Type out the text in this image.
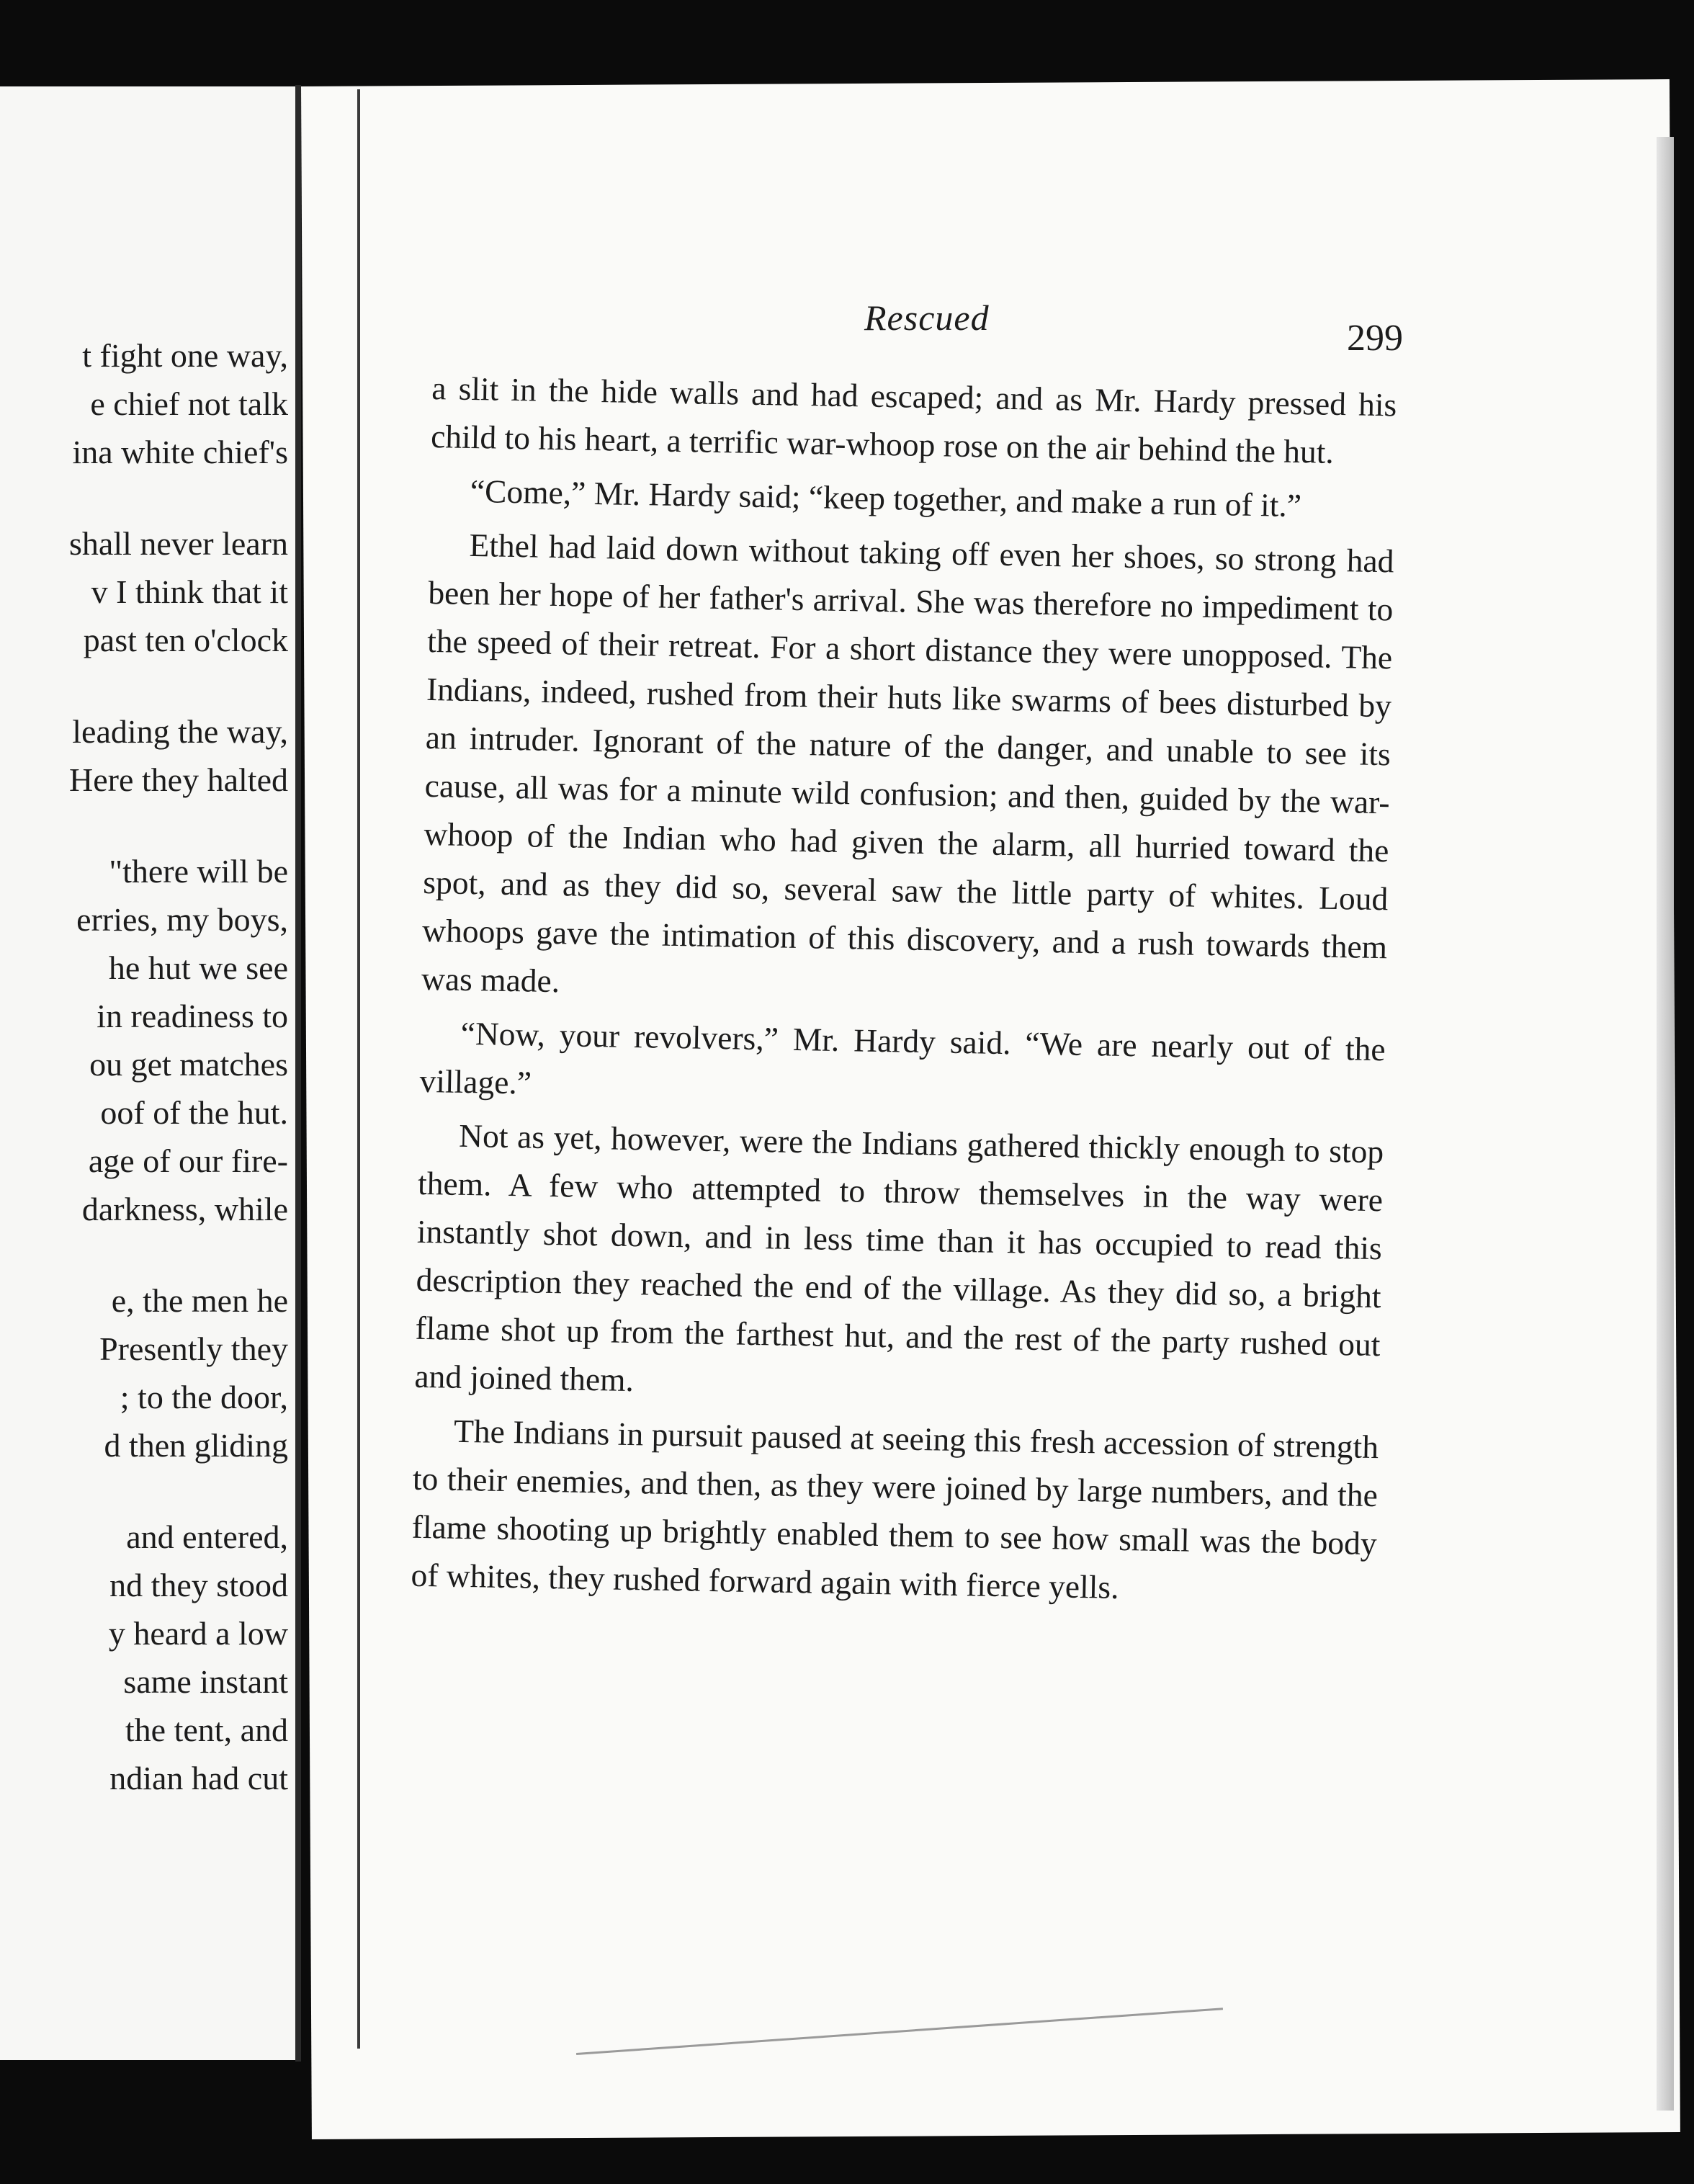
t fight one way,
e chief not talk
ina white chief's
shall never learn
v I think that it
past ten o'clock
leading the way,
Here they halted
"there will be
erries, my boys,
he hut we see
in readiness to
ou get matches
oof of the hut.
age of our fire-
darkness, while
e, the men he
Presently they
; to the door,
d then gliding
and entered,
nd they stood
y heard a low
same instant
the tent, and
ndian had cut
Rescued	299

a slit in the hide walls and had escaped; and as Mr. Hardy pressed his child to his heart, a terrific war-whoop rose on the air behind the hut.

“Come,” Mr. Hardy said; “keep together, and make a run of it.”

Ethel had laid down without taking off even her shoes, so strong had been her hope of her father's arrival. She was therefore no impediment to the speed of their retreat. For a short distance they were unopposed. The Indians, indeed, rushed from their huts like swarms of bees disturbed by an intruder. Ignorant of the nature of the danger, and unable to see its cause, all was for a minute wild confusion; and then, guided by the war-whoop of the Indian who had given the alarm, all hurried toward the spot, and as they did so, several saw the little party of whites. Loud whoops gave the intimation of this discovery, and a rush towards them was made.

“Now, your revolvers,” Mr. Hardy said. “We are nearly out of the village.”

Not as yet, however, were the Indians gathered thickly enough to stop them. A few who attempted to throw themselves in the way were instantly shot down, and in less time than it has occupied to read this description they reached the end of the village. As they did so, a bright flame shot up from the farthest hut, and the rest of the party rushed out and joined them.

The Indians in pursuit paused at seeing this fresh accession of strength to their enemies, and then, as they were joined by large numbers, and the flame shooting up brightly enabled them to see how small was the body of whites, they rushed forward again with fierce yells.
